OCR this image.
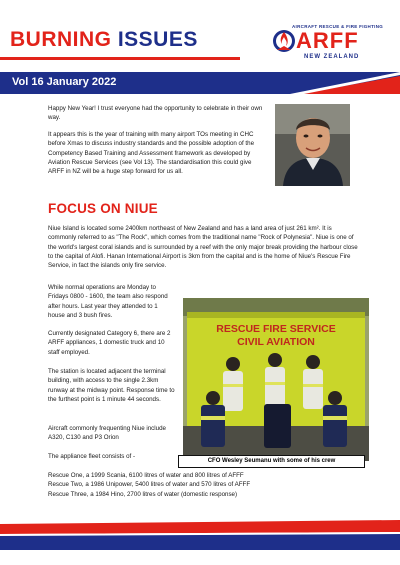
BURNING ISSUES
AIRCRAFT RESCUE & FIRE FIGHTING
ARFF
NEW ZEALAND
Vol 16 January 2022

Happy New Year! I trust everyone had the opportunity to celebrate in their own way.

It appears this is the year of training with many airport TOs meeting in CHC before Xmas to discuss industry standards and the possible adoption of the Competency Based Training and Assessment framework as developed by Aviation Rescue Services (see Vol 13). The standardisation this could give ARFF in NZ will be a huge step forward for us all.

FOCUS ON NIUE

Niue Island is located some 2400km northeast of New Zealand and has a land area of just 261 km². It is commonly referred to as "The Rock", which comes from the traditional name "Rock of Polynesia". Niue is one of the world's largest coral islands and is surrounded by a reef with the only major break providing the harbour close to the capital of Alofi. Hanan International Airport is 3km from the capital and is the home of Niue's Rescue Fire Service, in fact the islands only fire service.

While normal operations are Monday to Fridays 0800 - 1600, the team also respond after hours. Last year they attended to 1 house and 3 bush fires.

Currently designated Category 6, there are 2 ARFF appliances, 1 domestic truck and 10 staff employed.

The station is located adjacent the terminal building, with access to the single 2.3km runway at the midway point. Response time to the furthest point is 1 minute 44 seconds.

Aircraft commonly frequenting Niue include A320, C130 and P3 Orion

The appliance fleet consists of -

RESCUE FIRE SERVICE
CIVIL AVIATION
CFO Wesley Seumanu with some of his crew

Rescue One, a 1999 Scania, 6100 litres of water and 800 litres of AFFF

Rescue Two, a 1986 Unipower, 5400 litres of water and 570 litres of AFFF

Rescue Three, a 1984 Hino, 2700 litres of water (domestic response)
